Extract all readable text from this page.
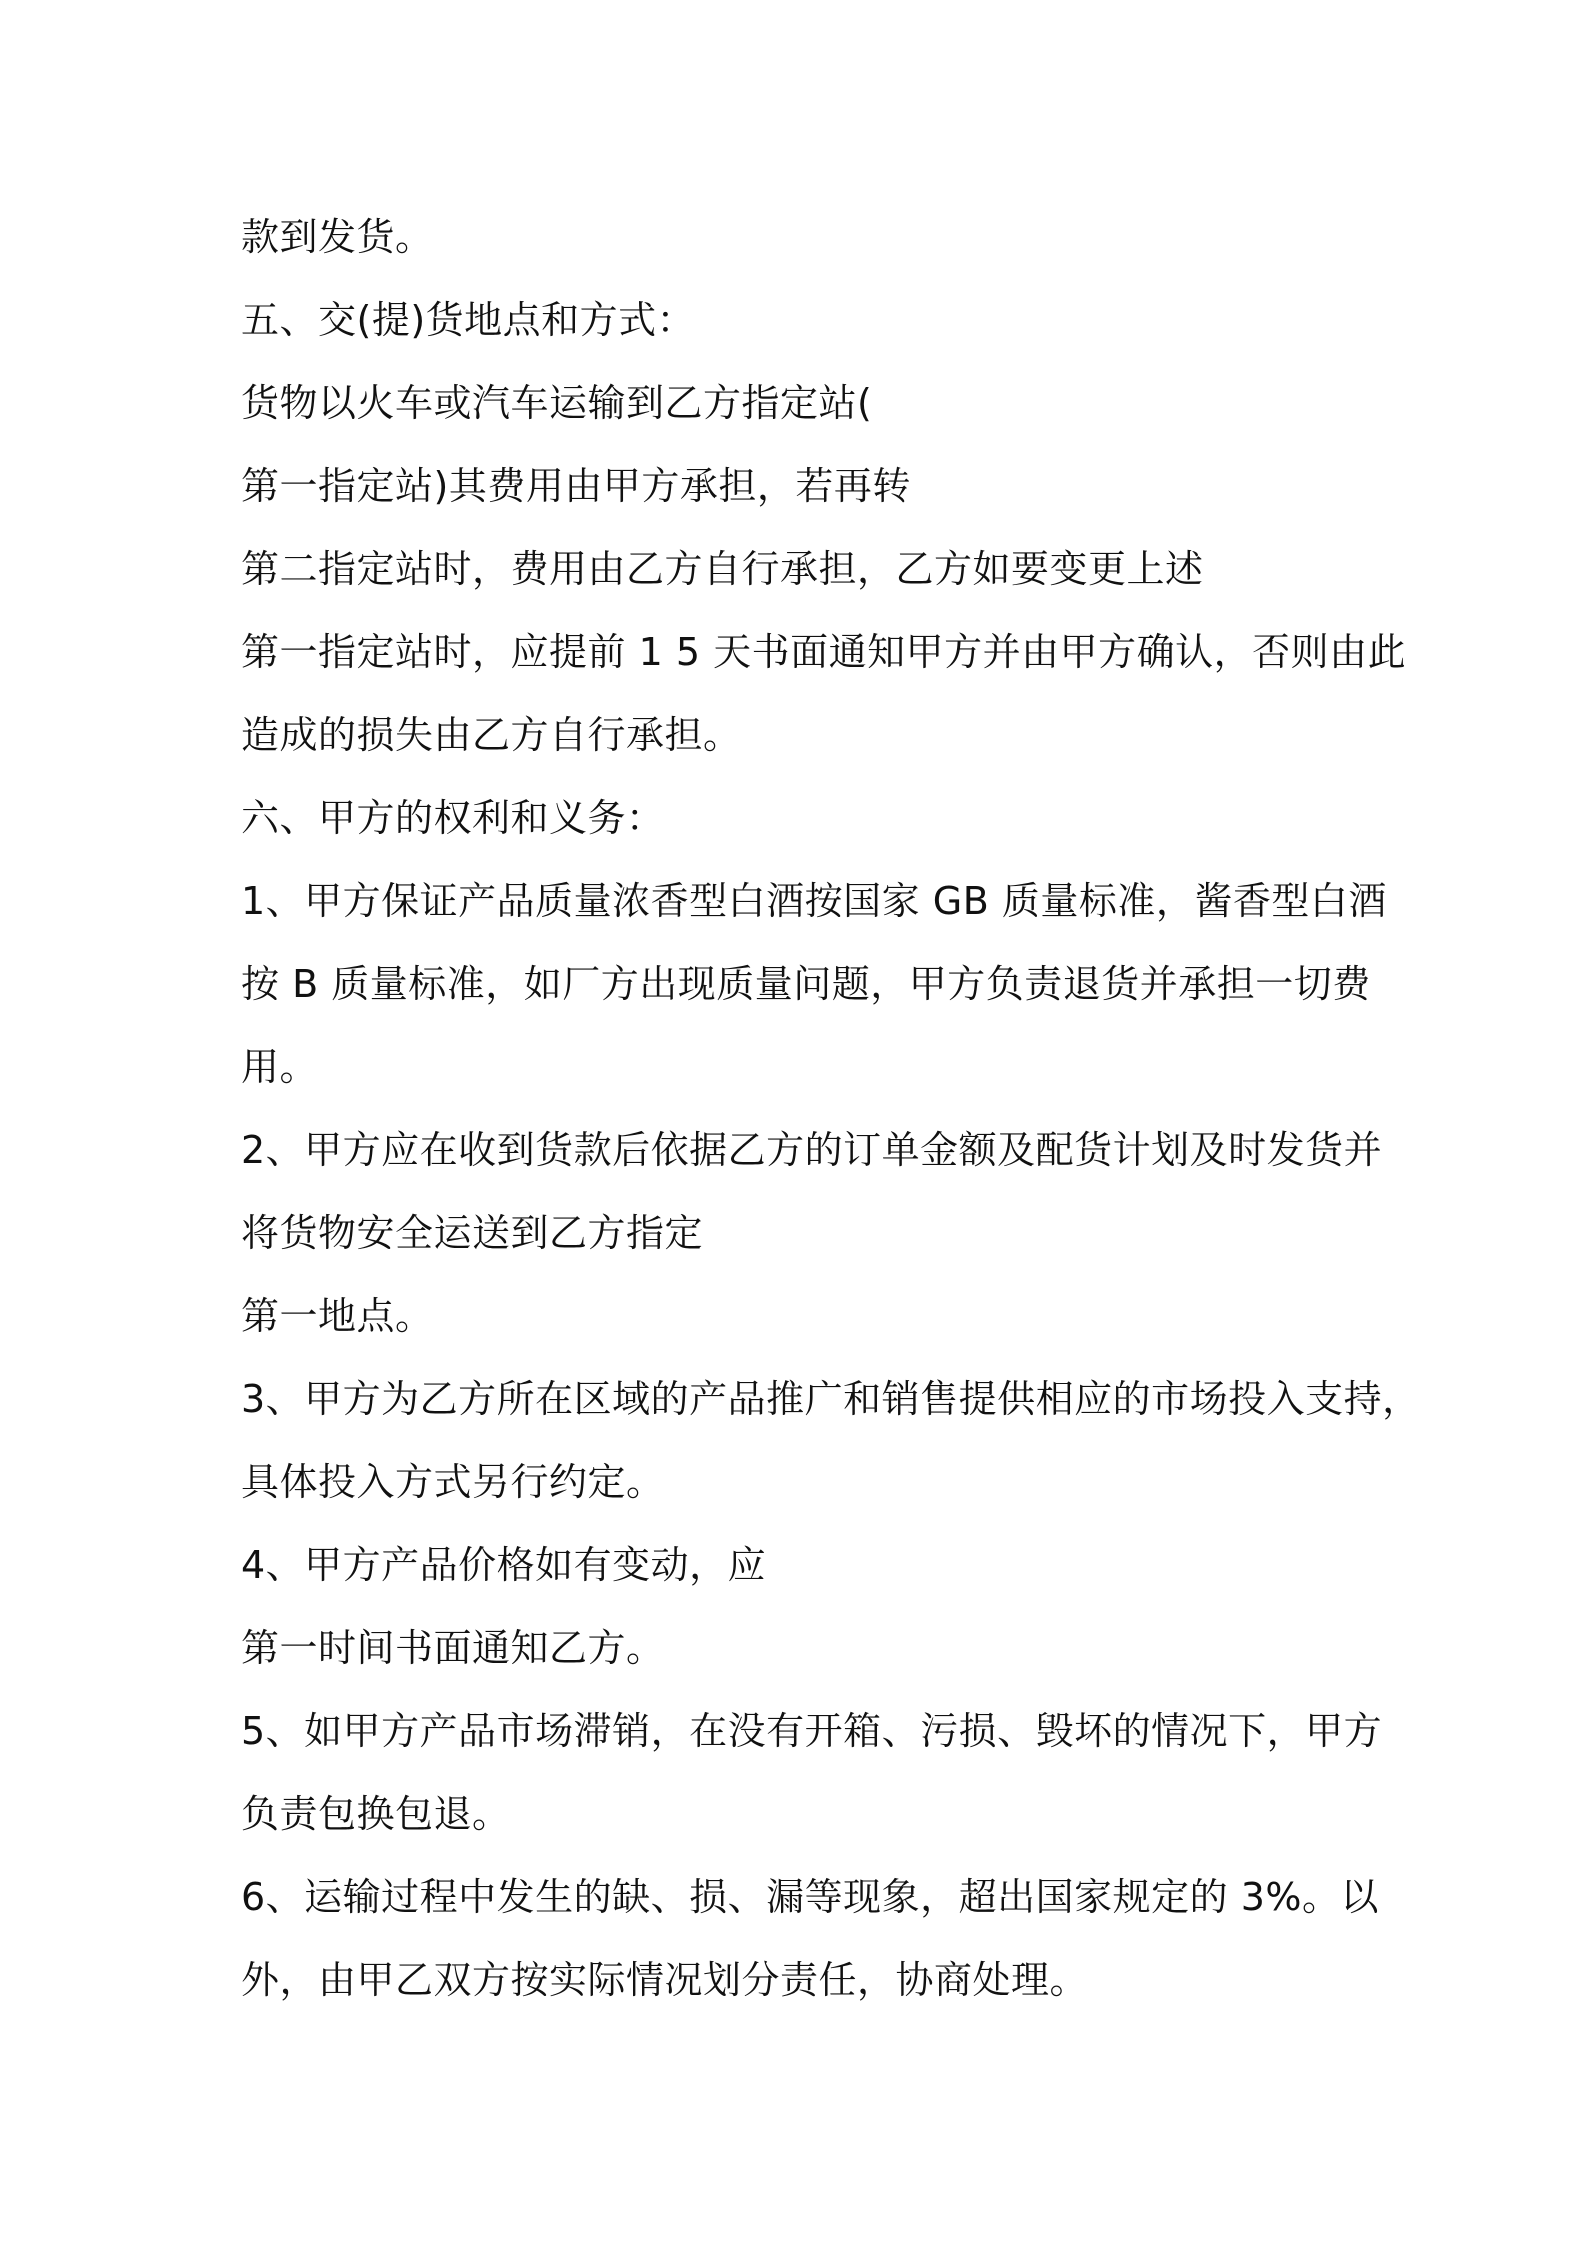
款到发货。
五、交(提)货地点和方式：
货物以火车或汽车运输到乙方指定站(
第一指定站)其费用由甲方承担，若再转
第二指定站时，费用由乙方自行承担，乙方如要变更上述
第一指定站时，应提前 1 5 天书面通知甲方并由甲方确认，否则由此
造成的损失由乙方自行承担。
六、甲方的权利和义务：
1、甲方保证产品质量浓香型白酒按国家 GB 质量标准，酱香型白酒
按 B 质量标准，如厂方出现质量问题，甲方负责退货并承担一切费
用。
2、甲方应在收到货款后依据乙方的订单金额及配货计划及时发货并
将货物安全运送到乙方指定
第一地点。
3、甲方为乙方所在区域的产品推广和销售提供相应的市场投入支持，
具体投入方式另行约定。
4、甲方产品价格如有变动，应
第一时间书面通知乙方。
5、如甲方产品市场滞销，在没有开箱、污损、毁坏的情况下，甲方
负责包换包退。
6、运输过程中发生的缺、损、漏等现象，超出国家规定的 3%。以
外，由甲乙双方按实际情况划分责任，协商处理。
